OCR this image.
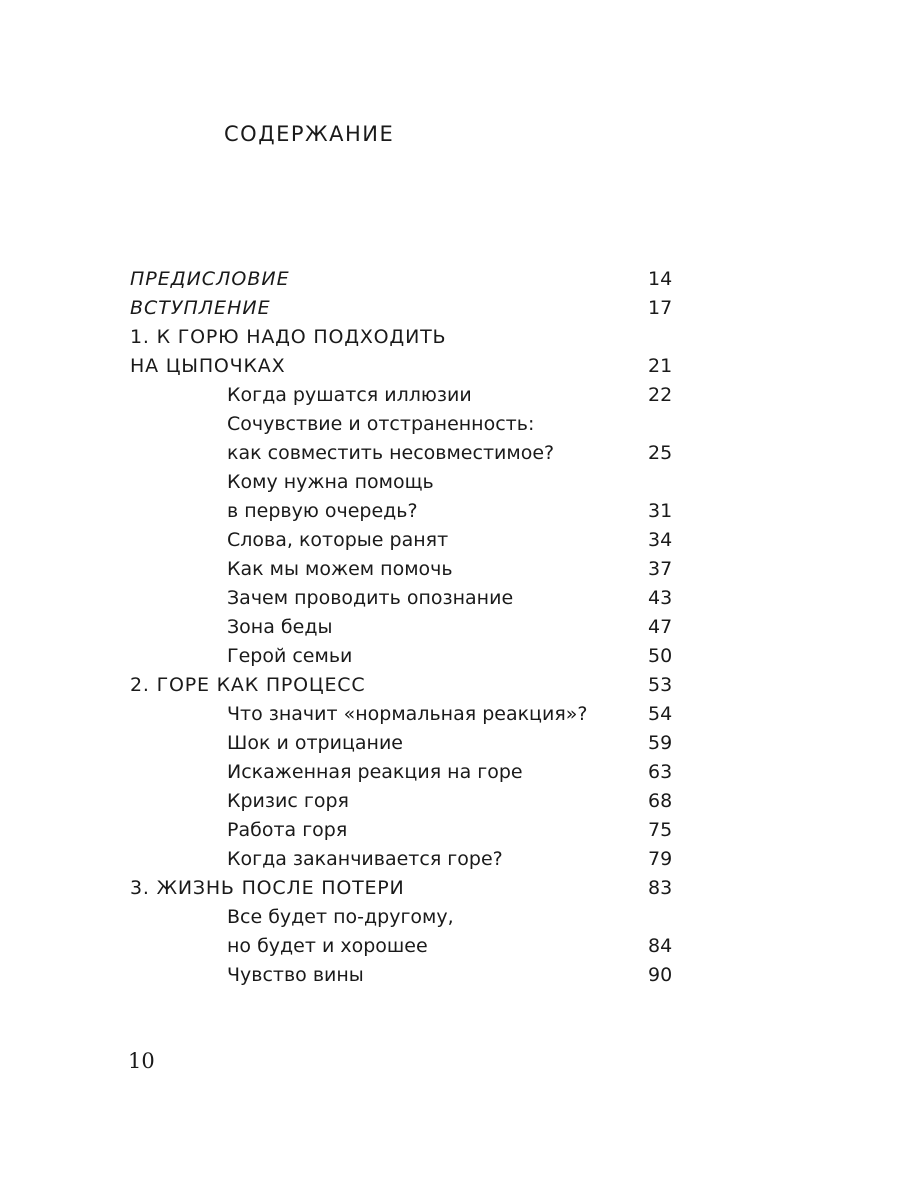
СОДЕРЖАНИЕ
ПРЕДИСЛОВИЕ	14
ВСТУПЛЕНИЕ	17
1. К ГОРЮ НАДО ПОДХОДИТЬ
НА ЦЫПОЧКАХ	21
Когда рушатся иллюзии	22
Сочувствие и отстраненность:
как совместить несовместимое?	25
Кому нужна помощь
в первую очередь?	31
Слова, которые ранят	34
Как мы можем помочь	37
Зачем проводить опознание	43
Зона беды	47
Герой семьи	50
2. ГОРЕ КАК ПРОЦЕСС	53
Что значит «нормальная реакция»?	54
Шок и отрицание	59
Искаженная реакция на горе	63
Кризис горя	68
Работа горя	75
Когда заканчивается горе?	79
3. ЖИЗНЬ ПОСЛЕ ПОТЕРИ	83
Все будет по-другому,
но будет и хорошее	84
Чувство вины	90
10
